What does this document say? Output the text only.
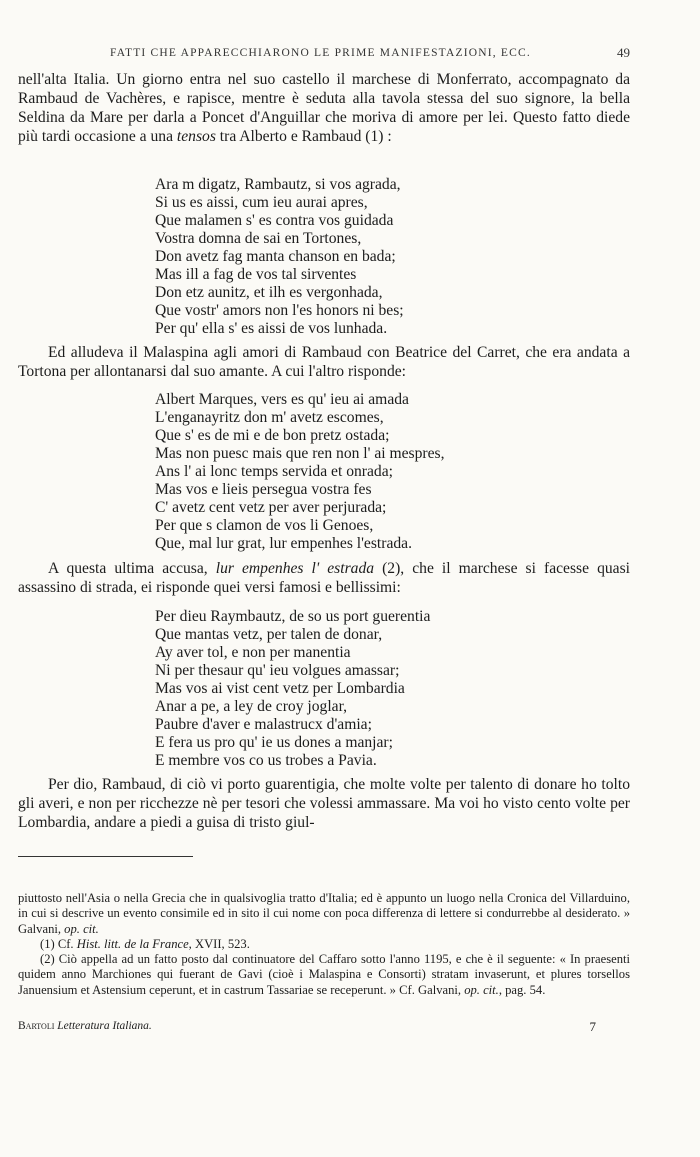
FATTI CHE APPARECCHIARONO LE PRIME MANIFESTAZIONI, ECC.	49

nell'alta Italia. Un giorno entra nel suo castello il marchese di Monferrato, accompagnato da Rambaud de Vachères, e rapisce, mentre è seduta alla tavola stessa del suo signore, la bella Seldina da Mare per darla a Poncet d'Anguillar che moriva di amore per lei. Questo fatto diede più tardi occasione a una tensos tra Alberto e Rambaud (1) :

Ara m digatz, Rambautz, si vos agrada,
Si us es aissi, cum ieu aurai apres,
Que malamen s' es contra vos guidada
Vostra domna de sai en Tortones,
Don avetz fag manta chanson en bada;
Mas ill a fag de vos tal sirventes
Don etz aunitz, et ilh es vergonhada,
Que vostr' amors non l'es honors ni bes;
Per qu' ella s' es aissi de vos lunhada.

Ed alludeva il Malaspina agli amori di Rambaud con Beatrice del Carret, che era andata a Tortona per allontanarsi dal suo amante. A cui l'altro risponde:

Albert Marques, vers es qu' ieu ai amada
L'enganayritz don m' avetz escomes,
Que s' es de mi e de bon pretz ostada;
Mas non puesc mais que ren non l' ai mespres,
Ans l' ai lonc temps servida et onrada;
Mas vos e lieis persegua vostra fes
C' avetz cent vetz per aver perjurada;
Per que s clamon de vos li Genoes,
Que, mal lur grat, lur empenhes l'estrada.

A questa ultima accusa, lur empenhes l' estrada (2), che il marchese si facesse quasi assassino di strada, ei risponde quei versi famosi e bellissimi:

Per dieu Raymbautz, de so us port guerentia
Que mantas vetz, per talen de donar,
Ay aver tol, e non per manentia
Ni per thesaur qu' ieu volgues amassar;
Mas vos ai vist cent vetz per Lombardia
Anar a pe, a ley de croy joglar,
Paubre d'aver e malastrucx d'amia;
E fera us pro qu' ie us dones a manjar;
E membre vos co us trobes a Pavia.

Per dio, Rambaud, di ciò vi porto guarentigia, che molte volte per talento di donare ho tolto gli averi, e non per ricchezze nè per tesori che volessi ammassare. Ma voi ho visto cento volte per Lombardia, andare a piedi a guisa di tristo giul-

piuttosto nell'Asia o nella Grecia che in qualsivoglia tratto d'Italia; ed è appunto un luogo nella Cronica del Villarduino, in cui si descrive un evento consimile ed in sito il cui nome con poca differenza di lettere si condurrebbe al desiderato. » Galvani, op. cit.

(1) Cf. Hist. litt. de la France, XVII, 523.

(2) Ciò appella ad un fatto posto dal continuatore del Caffaro sotto l'anno 1195, e che è il seguente: « In praesenti quidem anno Marchiones qui fuerant de Gavi (cioè i Malaspina e Consorti) stratam invaserunt, et plures torsellos Januensium et Astensium ceperunt, et in castrum Tassariae se receperunt. » Cf. Galvani, op. cit., pag. 54.

Bartoli Letteratura Italiana.	7
